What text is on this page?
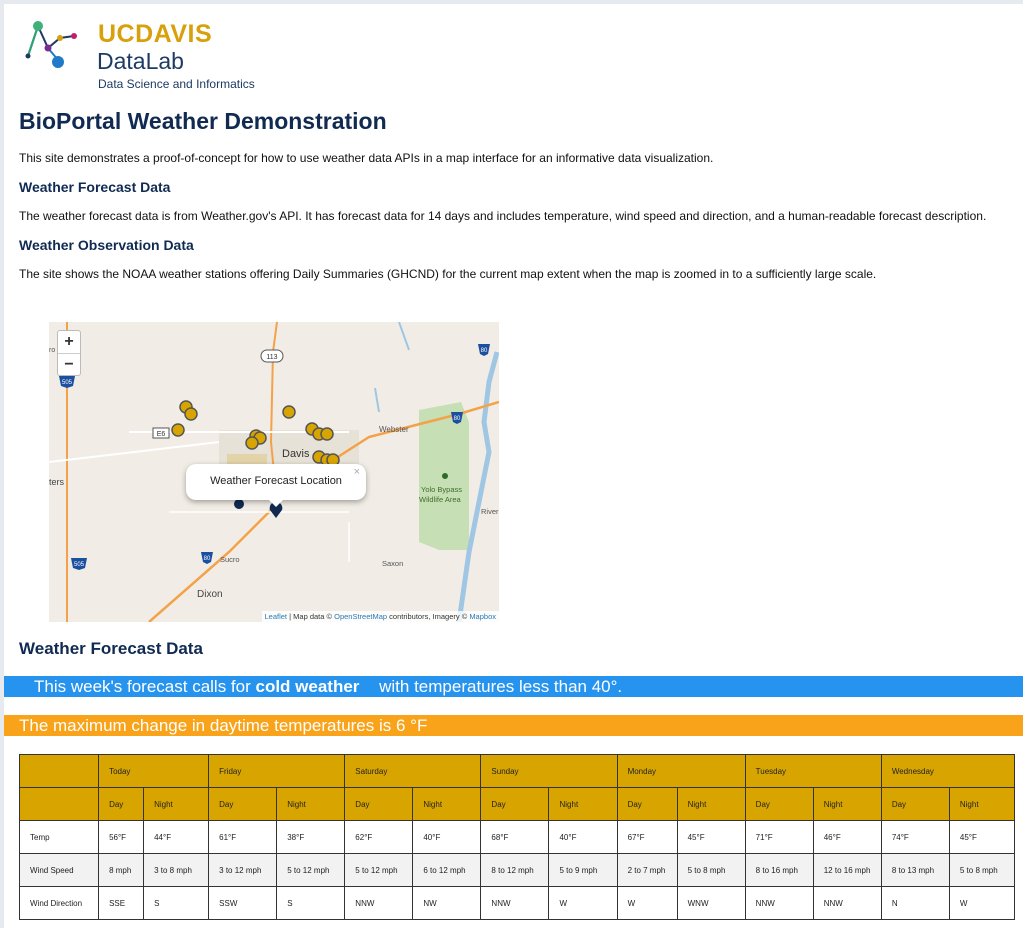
UCDAVIS
DataLab
Data Science and Informatics
BioPortal Weather Demonstration

This site demonstrates a proof-of-concept for how to use weather data APIs in a map interface for an informative data visualization.

Weather Forecast Data

The weather forecast data is from Weather.gov's API. It has forecast data for 14 days and includes temperature, wind speed and direction, and a human-readable forecast description.

Weather Observation Data

The site shows the NOAA weather stations offering Daily Summaries (GHCND) for the current map extent when the map is zoomed in to a sufficiently large scale.

113
E6
505
505
80
80
80
Davis
Dixon
Webster
Yolo Bypass
Wildlife Area
Saxon
Sucro
ters
River
ro
+
−
Weather Forecast Location
×
Leaflet | Map data © OpenStreetMap contributors, Imagery © Mapbox
Weather Forecast Data
This week's forecast calls for cold weather with temperatures less than 40°.
The maximum change in daytime temperatures is 6 °F
	Today		Friday		Saturday		Sunday		Monday		Tuesday		Wednesday	
	Day	Night	Day	Night	Day	Night	Day	Night	Day	Night	Day	Night	Day	Night
Temp	56°F	44°F	61°F	38°F	62°F	40°F	68°F	40°F	67°F	45°F	71°F	46°F	74°F	45°F
Wind Speed	8 mph	3 to 8 mph	3 to 12 mph	5 to 12 mph	5 to 12 mph	6 to 12 mph	8 to 12 mph	5 to 9 mph	2 to 7 mph	5 to 8 mph	8 to 16 mph	12 to 16 mph	8 to 13 mph	5 to 8 mph
Wind Direction	SSE	S	SSW	S	NNW	NW	NNW	W	W	WNW	NNW	NNW	N	W
